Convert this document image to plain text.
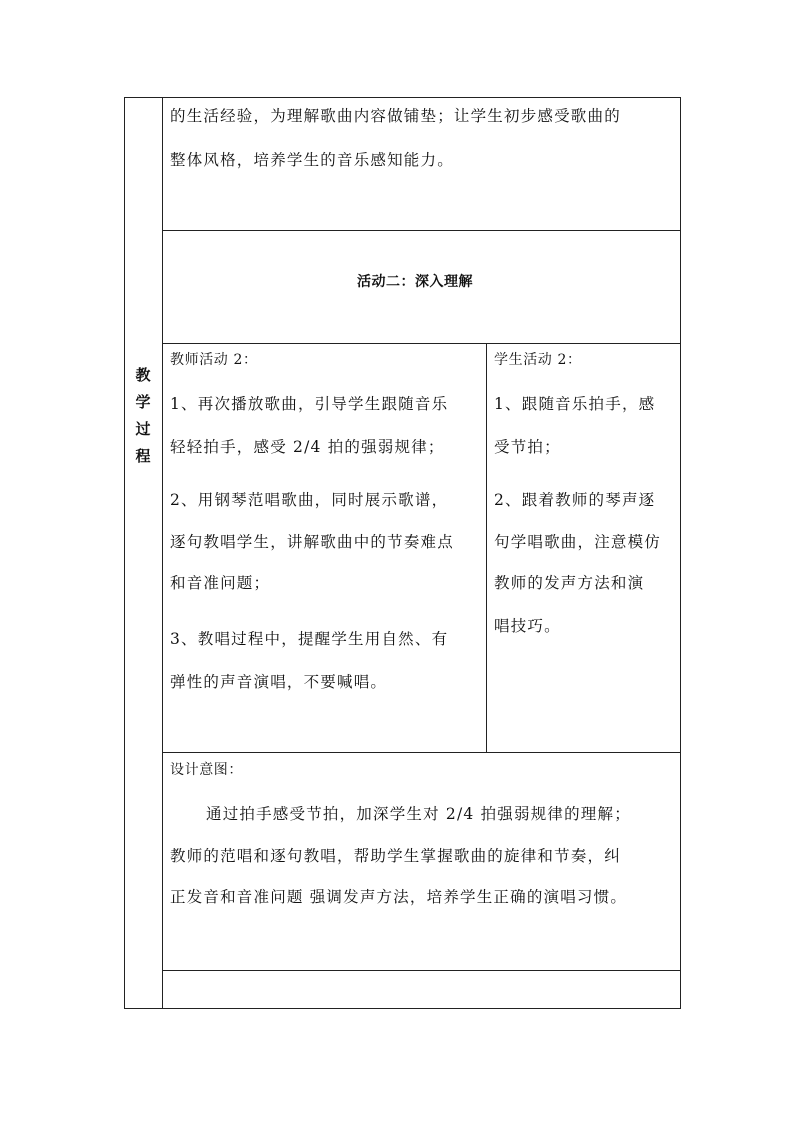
教
学
过
程
的生活经验，为理解歌曲内容做铺垫；让学生初步感受歌曲的
整体风格，培养学生的音乐感知能力。
活动二：深入理解
教师活动 2：
1、再次播放歌曲，引导学生跟随音乐
轻轻拍手，感受 2/4 拍的强弱规律；
2、用钢琴范唱歌曲，同时展示歌谱，
逐句教唱学生，讲解歌曲中的节奏难点
和音准问题；
3、教唱过程中，提醒学生用自然、有
弹性的声音演唱，不要喊唱。
学生活动 2：
1、跟随音乐拍手，感
受节拍；
2、跟着教师的琴声逐
句学唱歌曲，注意模仿
教师的发声方法和演
唱技巧。
设计意图：
通过拍手感受节拍，加深学生对 2/4 拍强弱规律的理解；
教师的范唱和逐句教唱，帮助学生掌握歌曲的旋律和节奏，纠
正发音和音准问题 强调发声方法，培养学生正确的演唱习惯。
